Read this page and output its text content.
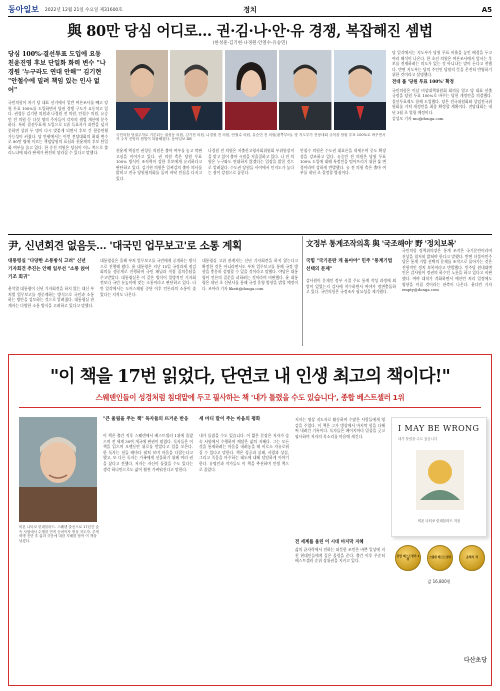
동아일보 2022년 12월 21일 수요일 제31600호	정치	A5
與 80만 당심 어디로… 권·김·나·안·유 경쟁, 복잡해진 셈법
(한성훈·김기현·나경원·안철수·유승민)
당심 100%·결선투표 도입에 요동 친윤진영 후보 단일화 화력 변수 "나경원 '누구라도 연대 안해'" 김기현 "안철수에 밀려 책임 있는 인사 없어"
국민의힘이 차기 당 대표 선거에서 일반 여론조사를 빼고 당원 투표 100%를 도입하면서 당권 경쟁 구도가 요동치고 있다. 권성동 김기현 의원과 나경원 전 의원, 안철수 의원, 유승민 전 의원 등 다섯 명의 주자들이 각자의 셈법 계산에 분주하다. 특히 결선투표제 도입으로 1위 득표자가 과반을 넘지 못하면 상위 두 명이 다시 맞붙게 되면서 후보 간 합종연횡 가능성이 커졌다. 당 안팎에서는 이번 전당대회의 최대 변수로 80만 명에 이르는 책임당원의 표심과 친윤계의 후보 단일화 여부를 꼽고 있다. 한 중진 의원은 당심이 어느 쪽으로 쏠리느냐에 따라 판세가 완전히 달라질 수 있다고 말했다.
국민의힘 당권주자로 거론되는 권성동 의원, 김기현 의원, 나경원 전 의원, 안철수 의원, 유승민 전 의원(왼쪽부터). 당 지도부가 전당대회 규칙을 당원 투표 100%로 바꾸면서 각 주자 진영의 셈법이 복잡해졌다. 동아일보 DB
친윤계 핵심인 권성동 의원은 출마 여부를 놓고 막판 고심을 이어가고 있다. 권 의원 측은 당원 투표 100% 방식이 조직력이 강한 후보에게 유리하다고 판단하고 있다. 김기현 의원은 일찌감치 출마 의사를 밝히고 전국 당원협의회를 돌며 바닥 민심을 다지고 있다.
나경원 전 의원은 저출산고령사회위원회 부위원장직을 맡고 있어 출마 시점을 저울질하고 있다. 나 전 의원은 누구와도 연대하지 않겠다는 입장을 밝힌 것으로 알려졌다. 수도권 당원들 사이에서 인지도가 높다는 점이 강점으로 꼽힌다.
안철수 의원은 수도권 대표론을 내세우며 중도 확장성을 강조하고 있다. 유승민 전 의원은 당원 투표 100% 도입에 대해 특정인을 떨어뜨리기 위한 룰 변경이라며 강하게 반발했다. 유 전 의원 측은 출마 여부를 내년 초 결정할 방침이다.
당 일각에서는 지도부가 당원 투표 비율을 높인 배경을 두고 여러 해석이 나온다. 한 초선 의원은 여론조사에서 앞서는 후보를 견제하려는 의도가 있는 것 아니냐는 말이 돈다고 전했다. 반면 지도부는 당의 주인인 당원의 뜻을 온전히 반영하기 위한 것이라고 설명했다.
전대 룰 '당원 투표 100%' 확정
국민의힘은 이날 비상대책위원회 회의를 열고 당 대표 선출 규정을 당원 투표 100%로 바꾸는 당헌 개정안을 의결했다. 결선투표제도 함께 도입했다. 당은 전국위원회와 상임전국위원회를 거쳐 개정안을 최종 확정할 계획이다. 전당대회는 내년 3월 초 열릴 예정이다.
김성모 기자 mo@donga.com
尹, 신년회견 없음듯… '대국민 업무보고'로 소통 계획
대통령실 "다양한 소통방식 고려" 신년 기자회견 추진는 안해 일부선 "소통 얹어 기조 회귀"
윤석열 대통령이 신년 기자회견을 하지 않는 대신 부처별 업무보고를 생중계하는 방식으로 국민과 소통하는 방안을 검토하는 것으로 알려졌다. 대통령실 관계자는 다양한 소통 방식을 고려하고 있다고 말했다.
대통령실은 올해 부처 업무보고를 국민에게 공개하는 방식으로 진행해 왔다. 윤 대통령은 지난 15일 국정과제 점검회의를 생중계로 진행하며 국민 패널과 직접 질의응답을 주고받았다. 대통령실은 이 같은 방식이 일방적인 기자회견보다 국민 눈높이에 맞는 소통이라고 판단하고 있다. 다만 일각에서는 도어스테핑 중단 이후 언론과의 소통이 줄었다는 지적도 나온다.
대통령실 고위 관계자는 신년 기자회견을 하지 않는다고 확정한 것은 아니라면서도 부처 업무보고를 통해 국정 방향을 충분히 설명할 수 있을 것이라고 말했다. 야당은 대통령이 언론의 질문을 피하려는 것이라며 비판했다. 윤 대통령은 내년 초 신년사를 통해 국정 운영 방향을 밝힐 예정이다. 조아라 기자 likeit@donga.com
文정부 통계조작의혹 與 '국조해야' 野 '정치보복'
국힘 "국기문란 게 돌아야" 민주 "통계기법 선택의 문제"
감사원이 문재인 정부 시절 주요 통계 작성 과정에 외압이 있었는지 감사에 착수하면서 여야가 정면충돌하고 있다. 국민의힘은 국정조사 필요성을 제기했다.
국민의힘 정책위의장은 통계 조작은 국기문란이라며 진상을 철저히 밝혀야 한다고 말했다. 반면 더불어민주당은 통계 기법 선택의 문제를 조작으로 몰아가는 것은 전형적인 정치 보복이라고 반발했다. 민주당 원내대변인은 감사원이 정권의 하수인 노릇을 하고 있다고 비판했다. 여야 대치가 격화하면서 예산안 처리 일정에도 영향을 미칠 것이라는 관측이 나온다. 윤다빈 기자 empty@donga.com
"이 책을 17번 읽었다, 단연코 내 인생 최고의 책이다!"
스웨덴인들이 성경처럼 침대맡에 두고 필사하는 책 '내가 틀렸을 수도 있습니다', 종합 베스트셀러 1위
비욘 나티코 린데블라드. 스웨덴 출신으로 17년간 숲속 사원에서 수행한 전직 승려이자 명상 지도자. 루게릭병 진단 후 삶과 죽음에 대한 지혜를 담아 이 책을 남겼다.
"큰 울림을 주는 책" 독자들의 뜨거운 반응
이 책은 출간 직후 스웨덴에서 베스트셀러 1위에 올랐으며 전 세계 30여 개국에 판권이 팔렸다. 독자들은 이 책을 읽으며 오랫동안 위로를 받았다고 입을 모은다. 한 독자는 힘들 때마다 펼쳐 보며 마음을 다잡는다고 했고, 또 다른 독자는 가족에게 선물하기 위해 여러 권을 샀다고 전했다. 저자는 자신이 틀렸을 수도 있다는 생각 하나만으로도 삶이 훨씬 가벼워진다고 말한다.
세 마디 말이 주는 마음의 평화
내가 틀렸을 수도 있습니다. 이 짧은 문장은 저자가 숲속 사원에서 수행하며 깨달은 삶의 지혜다. 그는 모든 것을 통제하려는 마음을 내려놓을 때 비로소 자유로워질 수 있다고 말한다. 책은 성공과 실패, 사랑과 상실, 그리고 죽음을 마주하는 태도에 대해 담담하게 이야기한다. 유명인과 작가들도 이 책을 추천하며 인생 책으로 꼽았다.
저자는 명상 지도자로 활동하며 수많은 사람들에게 영감을 주었다. 이 책은 그가 병상에서 마지막 힘을 다해 써 내려간 기록이다. 독자들은 페이지마다 밑줄을 긋고 필사하며 저자의 목소리를 마음에 새긴다.
전 세계를 울린 이 시대 마지막 지혜
삶의 끝자락에서 전하는 따뜻한 조언은 바쁜 일상에 지친 현대인들에게 깊은 울림을 준다. 출간 이후 꾸준히 베스트셀러 순위 상위권을 지키고 있다.
I MAY BE WRONG
내가 틀렸을 수도 있습니다
비욘 나티코 린데블라드 지음
종합 베스트셀러 1위	스웨덴 베스트셀러	올해의 책
값 16,800원
다산초당
